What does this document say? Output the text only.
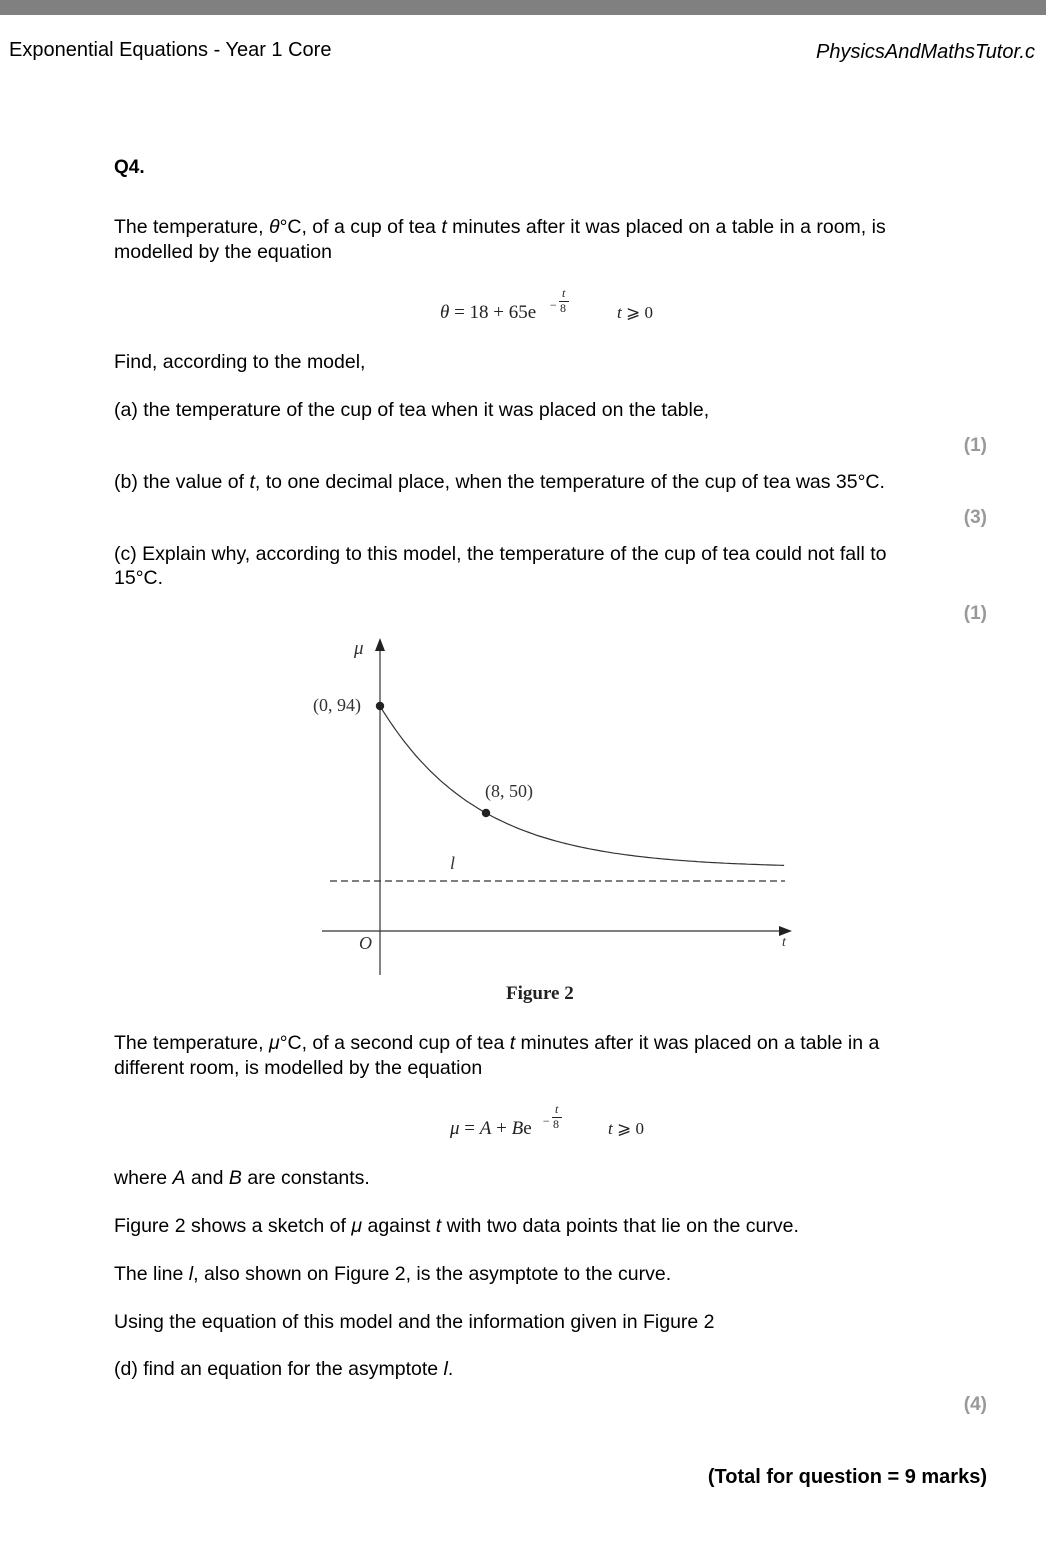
Exponential Equations - Year 1 Core	PhysicsAndMathsTutor.c
Q4.
The temperature, θ°C, of a cup of tea t minutes after it was placed on a table in a room, is
modelled by the equation
θ = 18 + 65e −
t
8	t ⩾ 0
Find, according to the model,
(a) the temperature of the cup of tea when it was placed on the table,
(1)
(b) the value of t, to one decimal place, when the temperature of the cup of tea was 35°C.
(3)
(c) Explain why, according to this model, the temperature of the cup of tea could not fall to
15°C.
(1)
μ
(0, 94)
(8, 50)
l
O	t
Figure 2
The temperature, μ°C, of a second cup of tea t minutes after it was placed on a table in a
different room, is modelled by the equation
μ = A + Be −
t
8	t ⩾ 0
where A and B are constants.
Figure 2 shows a sketch of μ against t with two data points that lie on the curve.
The line l, also shown on Figure 2, is the asymptote to the curve.
Using the equation of this model and the information given in Figure 2
(d) find an equation for the asymptote l.
(4)
(Total for question = 9 marks)
